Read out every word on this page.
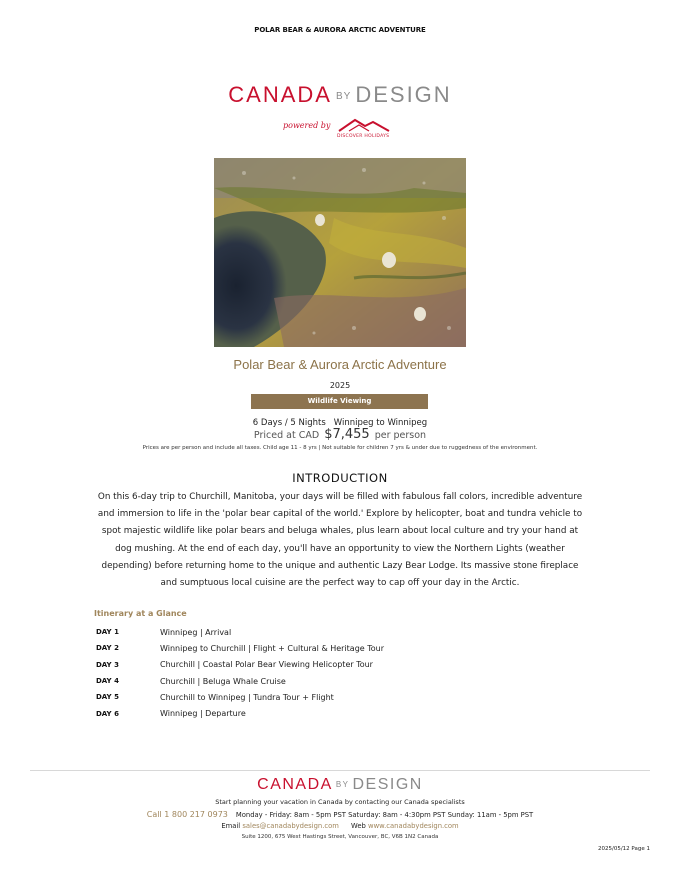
POLAR BEAR & AURORA ARCTIC ADVENTURE
CANADA BY DESIGN
powered by
DISCOVER HOLIDAYS
Polar Bear & Aurora Arctic Adventure
2025
Wildlife Viewing
6 Days / 5 Nights Winnipeg to Winnipeg
Priced at CAD $7,455 per person
Prices are per person and include all taxes. Child age 11 - 8 yrs | Not suitable for children 7 yrs & under due to ruggedness of the environment.
INTRODUCTION

On this 6-day trip to Churchill, Manitoba, your days will be filled with fabulous fall colors, incredible adventure and immersion to life in the 'polar bear capital of the world.' Explore by helicopter, boat and tundra vehicle to spot majestic wildlife like polar bears and beluga whales, plus learn about local culture and try your hand at dog mushing. At the end of each day, you'll have an opportunity to view the Northern Lights (weather depending) before returning home to the unique and authentic Lazy Bear Lodge. Its massive stone fireplace and sumptuous local cuisine are the perfect way to cap off your day in the Arctic.

Itinerary at a Glance
DAY 1	Winnipeg | Arrival
DAY 2	Winnipeg to Churchill | Flight + Cultural & Heritage Tour
DAY 3	Churchill | Coastal Polar Bear Viewing Helicopter Tour
DAY 4	Churchill | Beluga Whale Cruise
DAY 5	Churchill to Winnipeg | Tundra Tour + Flight
DAY 6	Winnipeg | Departure
CANADA BY DESIGN
Start planning your vacation in Canada by contacting our Canada specialists
Call 1 800 217 0973 Monday - Friday: 8am - 5pm PST Saturday: 8am - 4:30pm PST Sunday: 11am - 5pm PST
Email sales@canadabydesign.com Web www.canadabydesign.com
Suite 1200, 675 West Hastings Street, Vancouver, BC, V6B 1N2 Canada
2025/05/12 Page 1
